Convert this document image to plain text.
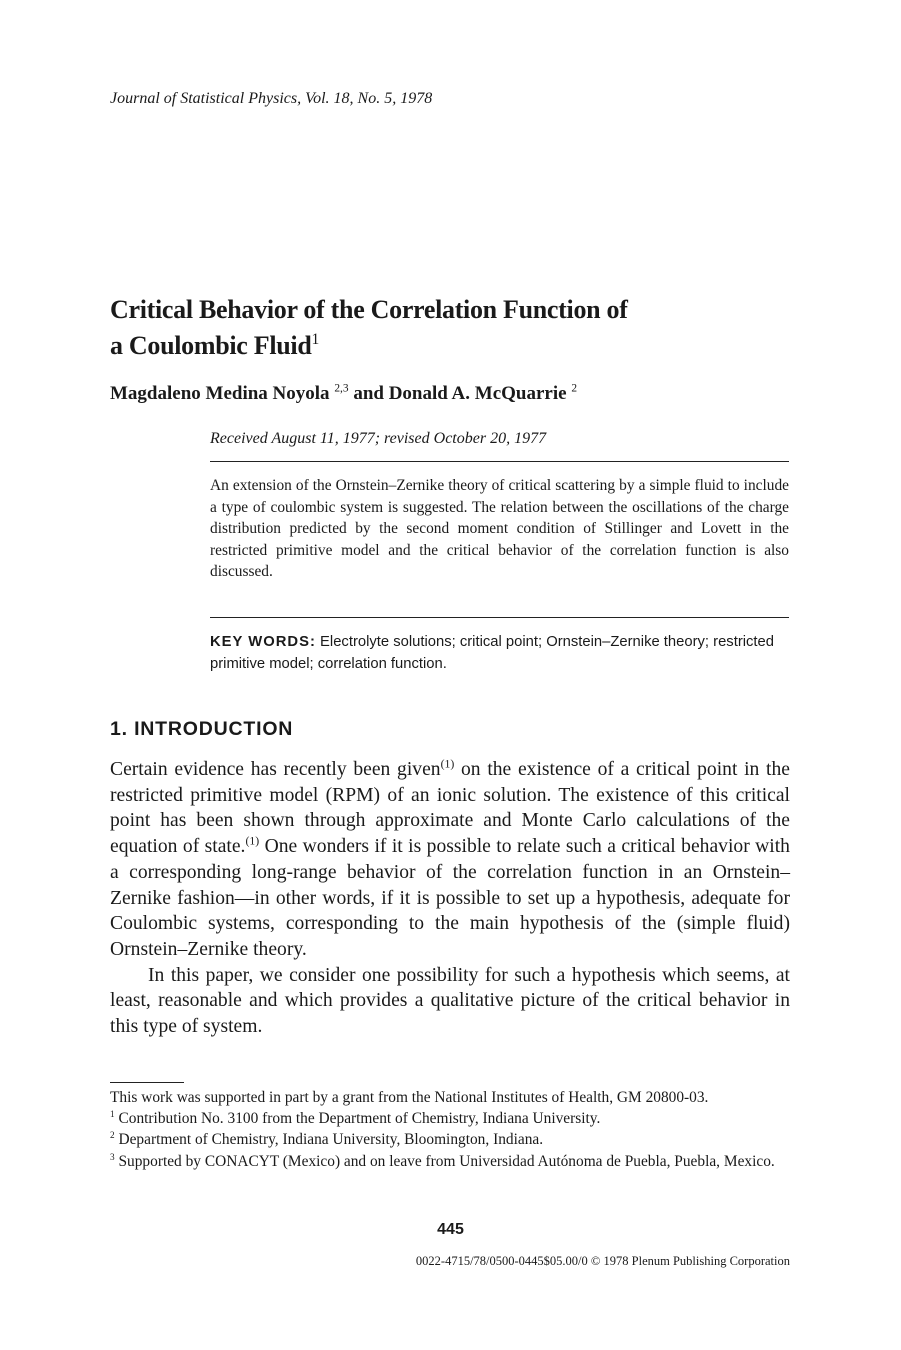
Journal of Statistical Physics, Vol. 18, No. 5, 1978
Critical Behavior of the Correlation Function of
a Coulombic Fluid$^1$
Magdaleno Medina Noyola $^{2,3}$ and Donald A. McQuarrie $^2$
Received August 11, 1977; revised October 20, 1977
An extension of the Ornstein–Zernike theory of critical scattering by a simple fluid to include a type of coulombic system is suggested. The relation between the oscillations of the charge distribution predicted by the second moment condition of Stillinger and Lovett in the restricted primitive model and the critical behavior of the correlation function is also discussed.
KEY WORDS: Electrolyte solutions; critical point; Ornstein–Zernike theory; restricted primitive model; correlation function.
1. INTRODUCTION

Certain evidence has recently been given$^{(1)}$ on the existence of a critical point in the restricted primitive model (RPM) of an ionic solution. The existence of this critical point has been shown through approximate and Monte Carlo calculations of the equation of state.$^{(1)}$ One wonders if it is possible to relate such a critical behavior with a corresponding long-range behavior of the correlation function in an Ornstein–Zernike fashion—in other words, if it is possible to set up a hypothesis, adequate for Coulombic systems, corresponding to the main hypothesis of the (simple fluid) Ornstein–Zernike theory.

In this paper, we consider one possibility for such a hypothesis which seems, at least, reasonable and which provides a qualitative picture of the critical behavior in this type of system.

This work was supported in part by a grant from the National Institutes of Health, GM 20800-03.

$^1$ Contribution No. 3100 from the Department of Chemistry, Indiana University.

$^2$ Department of Chemistry, Indiana University, Bloomington, Indiana.

$^3$ Supported by CONACYT (Mexico) and on leave from Universidad Autónoma de Puebla, Puebla, Mexico.

445
0022-4715/78/0500-0445$05.00/0 © 1978 Plenum Publishing Corporation
